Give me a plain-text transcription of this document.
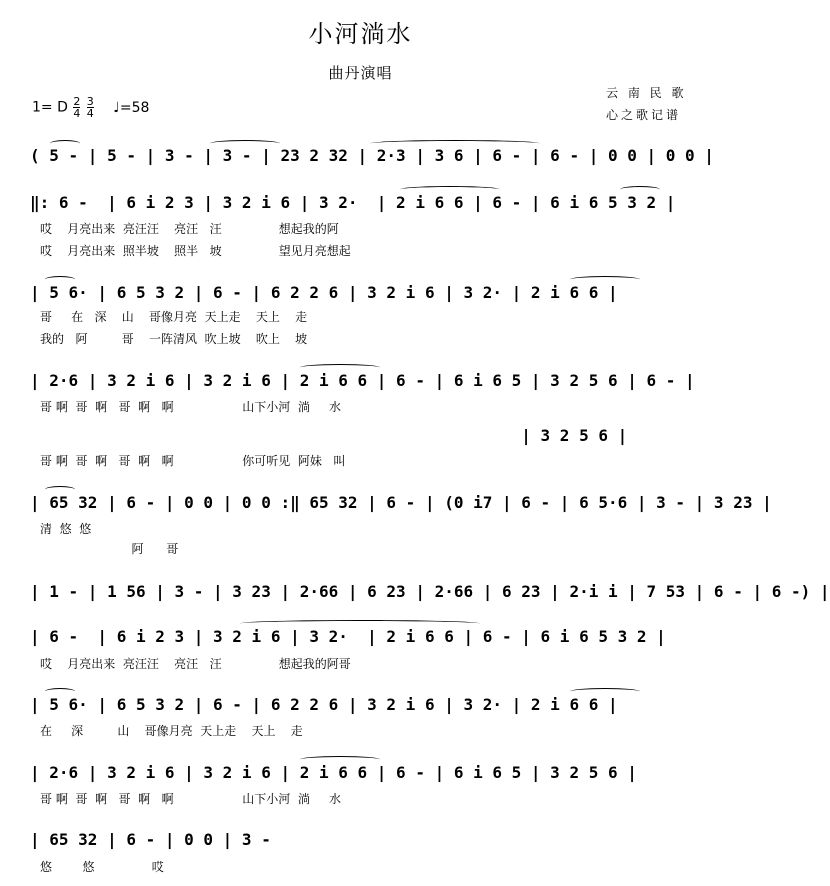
小河淌水
曲丹演唱
云 南 民 歌
心之歌记谱
1= D $\frac{2}{4}$
$\frac{3}{4}$ ♩=58
( 5 - | 5 - | 3 - | 3 - | 23 2 32 | 2·3 | 3 6 | 6 - | 6 - | 0 0 | 0 0 |
‖: 6 -  | 6 i 2 3 | 3 2 i 6 | 3 2·  | 2 i 6 6 | 6 - | 6 i 6 5 3 2 |
哎    月亮出来  亮汪汪    亮汪   汪               想起我的阿
哎    月亮出来  照半坡    照半   坡               望见月亮想起
| 5 6· | 6 5 3 2 | 6 - | 6 2 2 6 | 3 2 i 6 | 3 2· | 2 i 6 6 |
哥     在   深    山    哥像月亮  天上走    天上    走
我的   阿         哥    一阵清风  吹上坡    吹上    坡
| 2·6 | 3 2 i 6 | 3 2 i 6 | 2 i 6 6 | 6 - | 6 i 6 5 | 3 2 5 6 | 6 - |
哥 啊  哥  啊   哥  啊   啊                  山下小河  淌     水
| 3 2 5 6 |
哥 啊  哥  啊   哥  啊   啊                  你可听见  阿妹   叫
| 65 32 | 6 - | 0 0 | 0 0 :‖ 65 32 | 6 - | (0 i7 | 6 - | 6 5·6 | 3 - | 3 23 |
清  悠  悠
阿      哥
| 1 - | 1 56 | 3 - | 3 23 | 2·66 | 6 23 | 2·66 | 6 23 | 2·i i | 7 53 | 6 - | 6 -) |
| 6 -  | 6 i 2 3 | 3 2 i 6 | 3 2·  | 2 i 6 6 | 6 - | 6 i 6 5 3 2 |
哎    月亮出来  亮汪汪    亮汪   汪               想起我的阿哥
| 5 6· | 6 5 3 2 | 6 - | 6 2 2 6 | 3 2 i 6 | 3 2· | 2 i 6 6 |
在     深         山    哥像月亮  天上走    天上    走
| 2·6 | 3 2 i 6 | 3 2 i 6 | 2 i 6 6 | 6 - | 6 i 6 5 | 3 2 5 6 |
哥 啊  哥  啊   哥  啊   啊                  山下小河  淌     水
| 65 32 | 6 - | 0 0 | 3 -
悠        悠               哎
